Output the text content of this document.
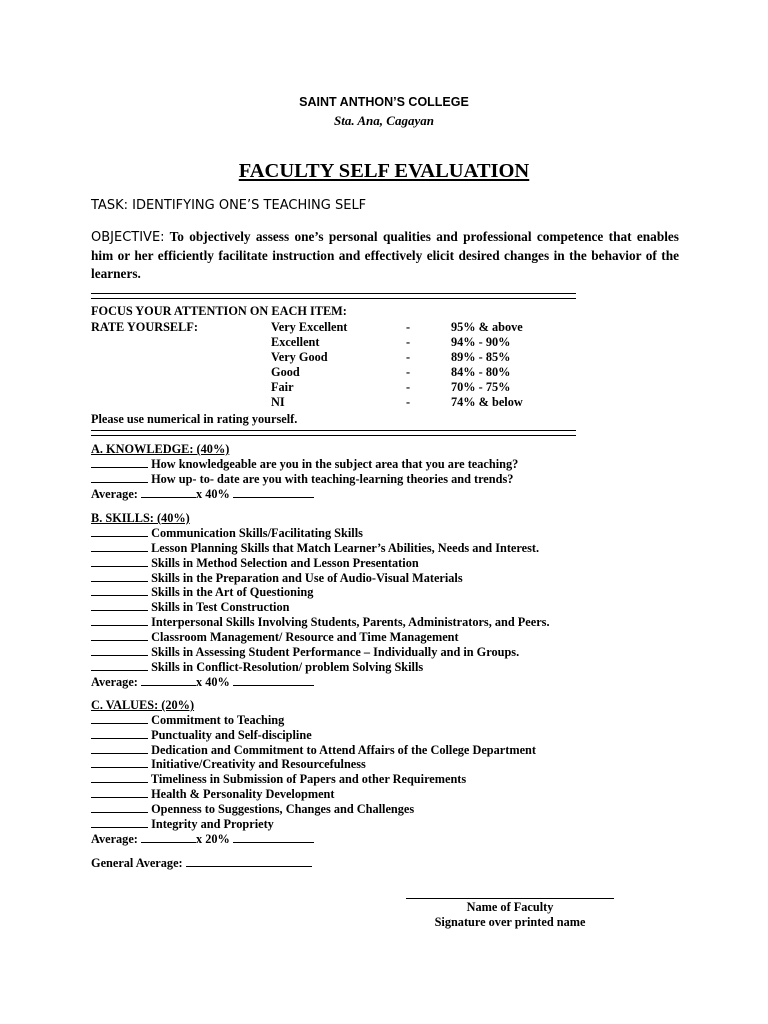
SAINT ANTHON’S COLLEGE
Sta. Ana, Cagayan
FACULTY SELF EVALUATION
TASK: IDENTIFYING ONE’S TEACHING SELF
OBJECTIVE: To objectively assess one’s personal qualities and professional competence that enables him or her efficiently facilitate instruction and effectively elicit desired changes in the behavior of the learners.
FOCUS YOUR ATTENTION ON EACH ITEM:
RATE YOURSELF:	Very Excellent	-	95% & above
Excellent	-	94% - 90%
Very Good	-	89% - 85%
Good	-	84% - 80%
Fair	-	70% - 75%
NI	-	74% & below
Please use numerical in rating yourself.
A. KNOWLEDGE: (40%)
How knowledgeable are you in the subject area that you are teaching?
How up- to- date are you with teaching-learning theories and trends?
Average:	x 40%
B. SKILLS: (40%)
Communication Skills/Facilitating Skills
Lesson Planning Skills that Match Learner’s Abilities, Needs and Interest.
Skills in Method Selection and Lesson Presentation
Skills in the Preparation and Use of Audio-Visual Materials
Skills in the Art of Questioning
Skills in Test Construction
Interpersonal Skills Involving Students, Parents, Administrators, and Peers.
Classroom Management/ Resource and Time Management
Skills in Assessing Student Performance – Individually and in Groups.
Skills in Conflict-Resolution/ problem Solving Skills
Average:	x 40%
C. VALUES: (20%)
Commitment to Teaching
Punctuality and Self-discipline
Dedication and Commitment to Attend Affairs of the College Department
Initiative/Creativity and Resourcefulness
Timeliness in Submission of Papers and other Requirements
Health & Personality Development
Openness to Suggestions, Changes and Challenges
Integrity and Propriety
Average:	x 20%
General Average:
Name of Faculty
Signature over printed name
